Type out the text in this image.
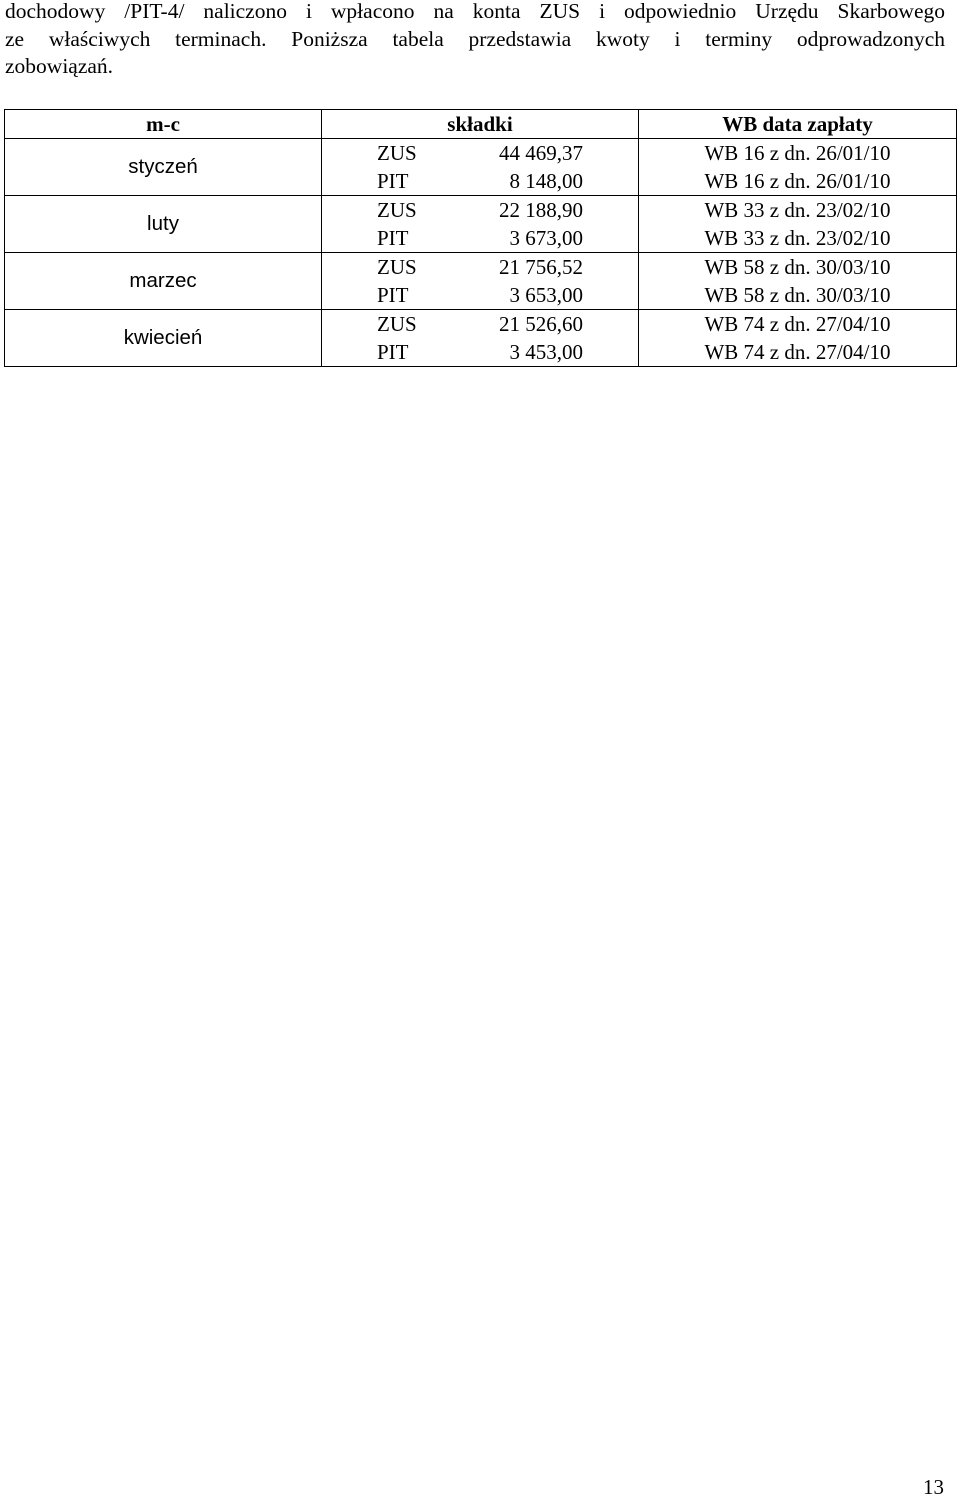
dochodowy /PIT-4/ naliczono i wpłacono na konta ZUS i odpowiednio Urzędu Skarbowego
ze właściwych terminach. Poniższa tabela przedstawia kwoty i terminy odprowadzonych
zobowiązań.
m-c	składki	WB data zapłaty
styczeń	ZUS 44 469,37	WB 16 z dn. 26/01/10

	PIT 8 148,00	WB 16 z dn. 26/01/10
luty	ZUS 22 188,90	WB 33 z dn. 23/02/10

	PIT 3 673,00	WB 33 z dn. 23/02/10
marzec	ZUS 21 756,52	WB 58 z dn. 30/03/10

	PIT 3 653,00	WB 58 z dn. 30/03/10
kwiecień	ZUS 21 526,60	WB 74 z dn. 27/04/10

	PIT 3 453,00	WB 74 z dn. 27/04/10
13
